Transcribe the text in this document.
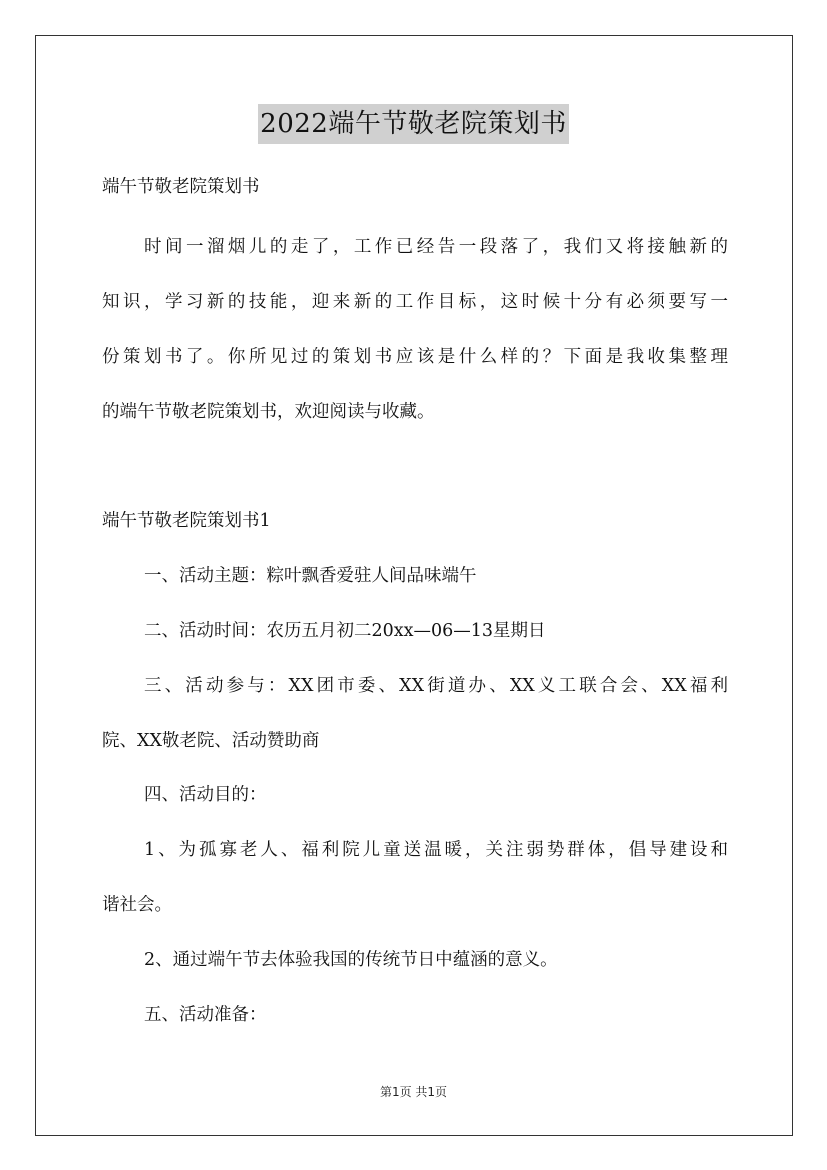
2022端午节敬老院策划书
端午节敬老院策划书
时间一溜烟儿的走了，工作已经告一段落了，我们又将接触新的
知识，学习新的技能，迎来新的工作目标，这时候十分有必须要写一
份策划书了。你所见过的策划书应该是什么样的？下面是我收集整理
的端午节敬老院策划书，欢迎阅读与收藏。
端午节敬老院策划书1
一、活动主题：粽叶飘香爱驻人间品味端午
二、活动时间：农历五月初二20xx—06—13星期日
三、活动参与：XX团市委、XX街道办、XX义工联合会、XX福利
院、XX敬老院、活动赞助商
四、活动目的：
1、为孤寡老人、福利院儿童送温暖，关注弱势群体，倡导建设和
谐社会。
2、通过端午节去体验我国的传统节日中蕴涵的意义。
五、活动准备：
第1页 共1页
